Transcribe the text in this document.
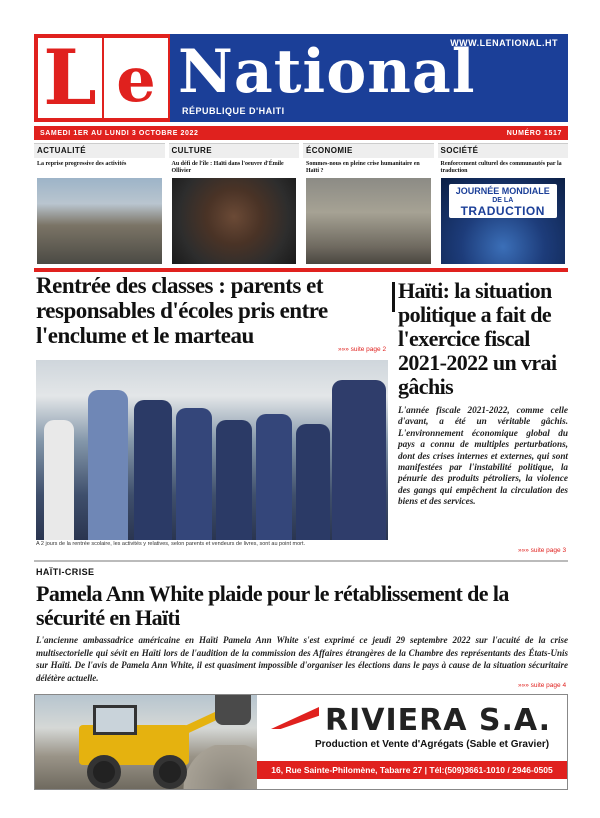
L e National
WWW.LENATIONAL.HT
RÉPUBLIQUE D'HAITI
SAMEDI 1ER AU LUNDI 3 OCTOBRE 2022	NUMÉRO 1517
ACTUALITÉ
La reprise progressive des activités
CULTURE
Au défi de l'île : Haïti dans l'oeuvre d'Émile Ollivier
ÉCONOMIE
Sommes-nous en pleine crise humanitaire en Haïti ?
SOCIÉTÉ
Renforcement culturel des communautés par la traduction
JOURNÉE MONDIALE
DE LA
TRADUCTION
Rentrée des classes : parents et responsables d'écoles pris entre l'enclume et le marteau
»»» suite page 2
A 2 jours de la rentrée scolaire, les activités y relatives, selon parents et vendeurs de livres, sont au point mort.
Haïti: la situation politique a fait de l'exercice fiscal 2021-2022 un vrai gâchis

L'année fiscale 2021-2022, comme celle d'avant, a été un véritable gâchis. L'environnement économique global du pays a connu de multiples perturbations, dont des crises internes et externes, qui sont manifestées par l'instabilité politique, la pénurie des produits pétroliers, la violence des gangs qui empêchent la circulation des biens et des services.

»»» suite page 3
HAÏTI-CRISE
Pamela Ann White plaide pour le rétablissement de la sécurité en Haïti

L'ancienne ambassadrice américaine en Haïti Pamela Ann White s'est exprimé ce jeudi 29 septembre 2022 sur l'acuité de la crise multisectorielle qui sévit en Haïti lors de l'audition de la commission des Affaires étrangères de la Chambre des représentants des États-Unis sur Haïti. De l'avis de Pamela Ann White, il est quasiment impossible d'organiser les élections dans le pays à cause de la situation sécuritaire délétère actuelle.

»»» suite page 4
RIVIERA S.A.
Production et Vente d'Agrégats (Sable et Gravier)
16, Rue Sainte-Philomène, Tabarre 27 | Tél:(509)3661-1010 / 2946-0505
